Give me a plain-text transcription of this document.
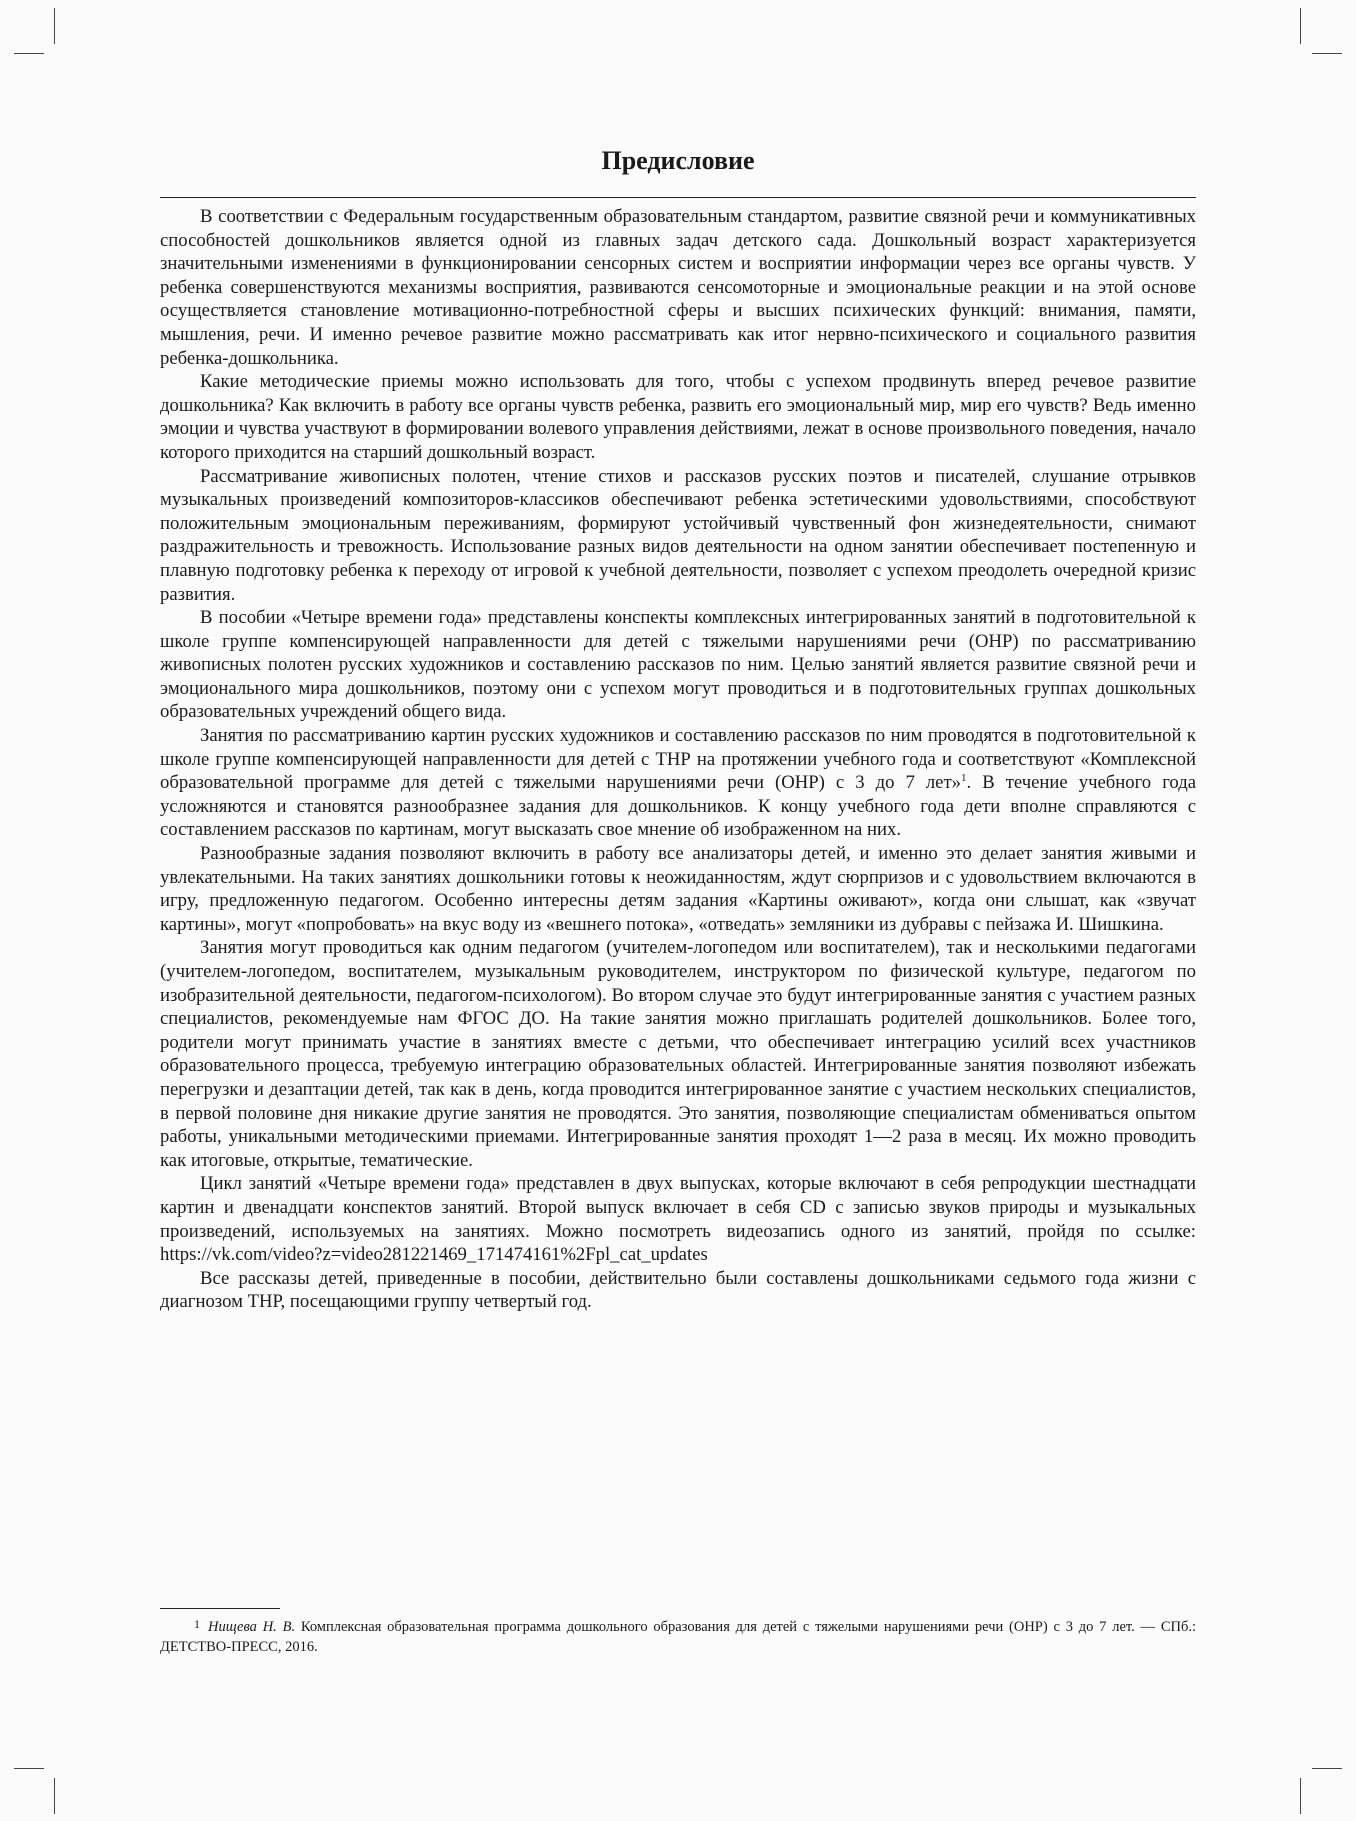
Предисловие

В соответствии с Федеральным государственным образовательным стандартом, развитие связной речи и коммуникативных способностей дошкольников является одной из главных задач детского сада. Дошкольный возраст характеризуется значительными изменениями в функционировании сенсорных систем и восприятии информации через все органы чувств. У ребенка совершенствуются механизмы восприятия, развиваются сенсомоторные и эмоциональные реакции и на этой основе осуществляется становление мотивационно-потребностной сферы и высших психических функций: внимания, памяти, мышления, речи. И именно речевое развитие можно рассматривать как итог нервно-психического и социального развития ребенка-дошкольника.

Какие методические приемы можно использовать для того, чтобы с успехом продвинуть вперед речевое развитие дошкольника? Как включить в работу все органы чувств ребенка, развить его эмоциональный мир, мир его чувств? Ведь именно эмоции и чувства участвуют в формировании волевого управления действиями, лежат в основе произвольного поведения, начало которого приходится на старший дошкольный возраст.

Рассматривание живописных полотен, чтение стихов и рассказов русских поэтов и писателей, слушание отрывков музыкальных произведений композиторов-классиков обеспечивают ребенка эстетическими удовольствиями, способствуют положительным эмоциональным переживаниям, формируют устойчивый чувственный фон жизнедеятельности, снимают раздражительность и тревожность. Использование разных видов деятельности на одном занятии обеспечивает постепенную и плавную подготовку ребенка к переходу от игровой к учебной деятельности, позволяет с успехом преодолеть очередной кризис развития.

В пособии «Четыре времени года» представлены конспекты комплексных интегрированных занятий в подготовительной к школе группе компенсирующей направленности для детей с тяжелыми нарушениями речи (ОНР) по рассматриванию живописных полотен русских художников и составлению рассказов по ним. Целью занятий является развитие связной речи и эмоционального мира дошкольников, поэтому они с успехом могут проводиться и в подготовительных группах дошкольных образовательных учреждений общего вида.

Занятия по рассматриванию картин русских художников и составлению рассказов по ним проводятся в подготовительной к школе группе компенсирующей направленности для детей с ТНР на протяжении учебного года и соответствуют «Комплексной образовательной программе для детей с тяжелыми нарушениями речи (ОНР) с 3 до 7 лет»$^1$. В течение учебного года усложняются и становятся разнообразнее задания для дошкольников. К концу учебного года дети вполне справляются с составлением рассказов по картинам, могут высказать свое мнение об изображенном на них.

Разнообразные задания позволяют включить в работу все анализаторы детей, и именно это делает занятия живыми и увлекательными. На таких занятиях дошкольники готовы к неожиданностям, ждут сюрпризов и с удовольствием включаются в игру, предложенную педагогом. Особенно интересны детям задания «Картины оживают», когда они слышат, как «звучат картины», могут «попробовать» на вкус воду из «вешнего потока», «отведать» земляники из дубравы с пейзажа И. Шишкина.

Занятия могут проводиться как одним педагогом (учителем-логопедом или воспитателем), так и несколькими педагогами (учителем-логопедом, воспитателем, музыкальным руководителем, инструктором по физической культуре, педагогом по изобразительной деятельности, педагогом-психологом). Во втором случае это будут интегрированные занятия с участием разных специалистов, рекомендуемые нам ФГОС ДО. На такие занятия можно приглашать родителей дошкольников. Более того, родители могут принимать участие в занятиях вместе с детьми, что обеспечивает интеграцию усилий всех участников образовательного процесса, требуемую интеграцию образовательных областей. Интегрированные занятия позволяют избежать перегрузки и дезаптации детей, так как в день, когда проводится интегрированное занятие с участием нескольких специалистов, в первой половине дня никакие другие занятия не проводятся. Это занятия, позволяющие специалистам обмениваться опытом работы, уникальными методическими приемами. Интегрированные занятия проходят 1—2 раза в месяц. Их можно проводить как итоговые, открытые, тематические.

Цикл занятий «Четыре времени года» представлен в двух выпусках, которые включают в себя репродукции шестнадцати картин и двенадцати конспектов занятий. Второй выпуск включает в себя CD с записью звуков природы и музыкальных произведений, используемых на занятиях. Можно посмотреть видеозапись одного из занятий, пройдя по ссылке: https://vk.com/video?z=video281221469_171474161%2Fpl_cat_updates

Все рассказы детей, приведенные в пособии, действительно были составлены дошкольниками седьмого года жизни с диагнозом ТНР, посещающими группу четвертый год.

1 Нищева Н. В. Комплексная образовательная программа дошкольного образования для детей с тяжелыми нарушениями речи (ОНР) с 3 до 7 лет. — СПб.: ДЕТСТВО-ПРЕСС, 2016.
